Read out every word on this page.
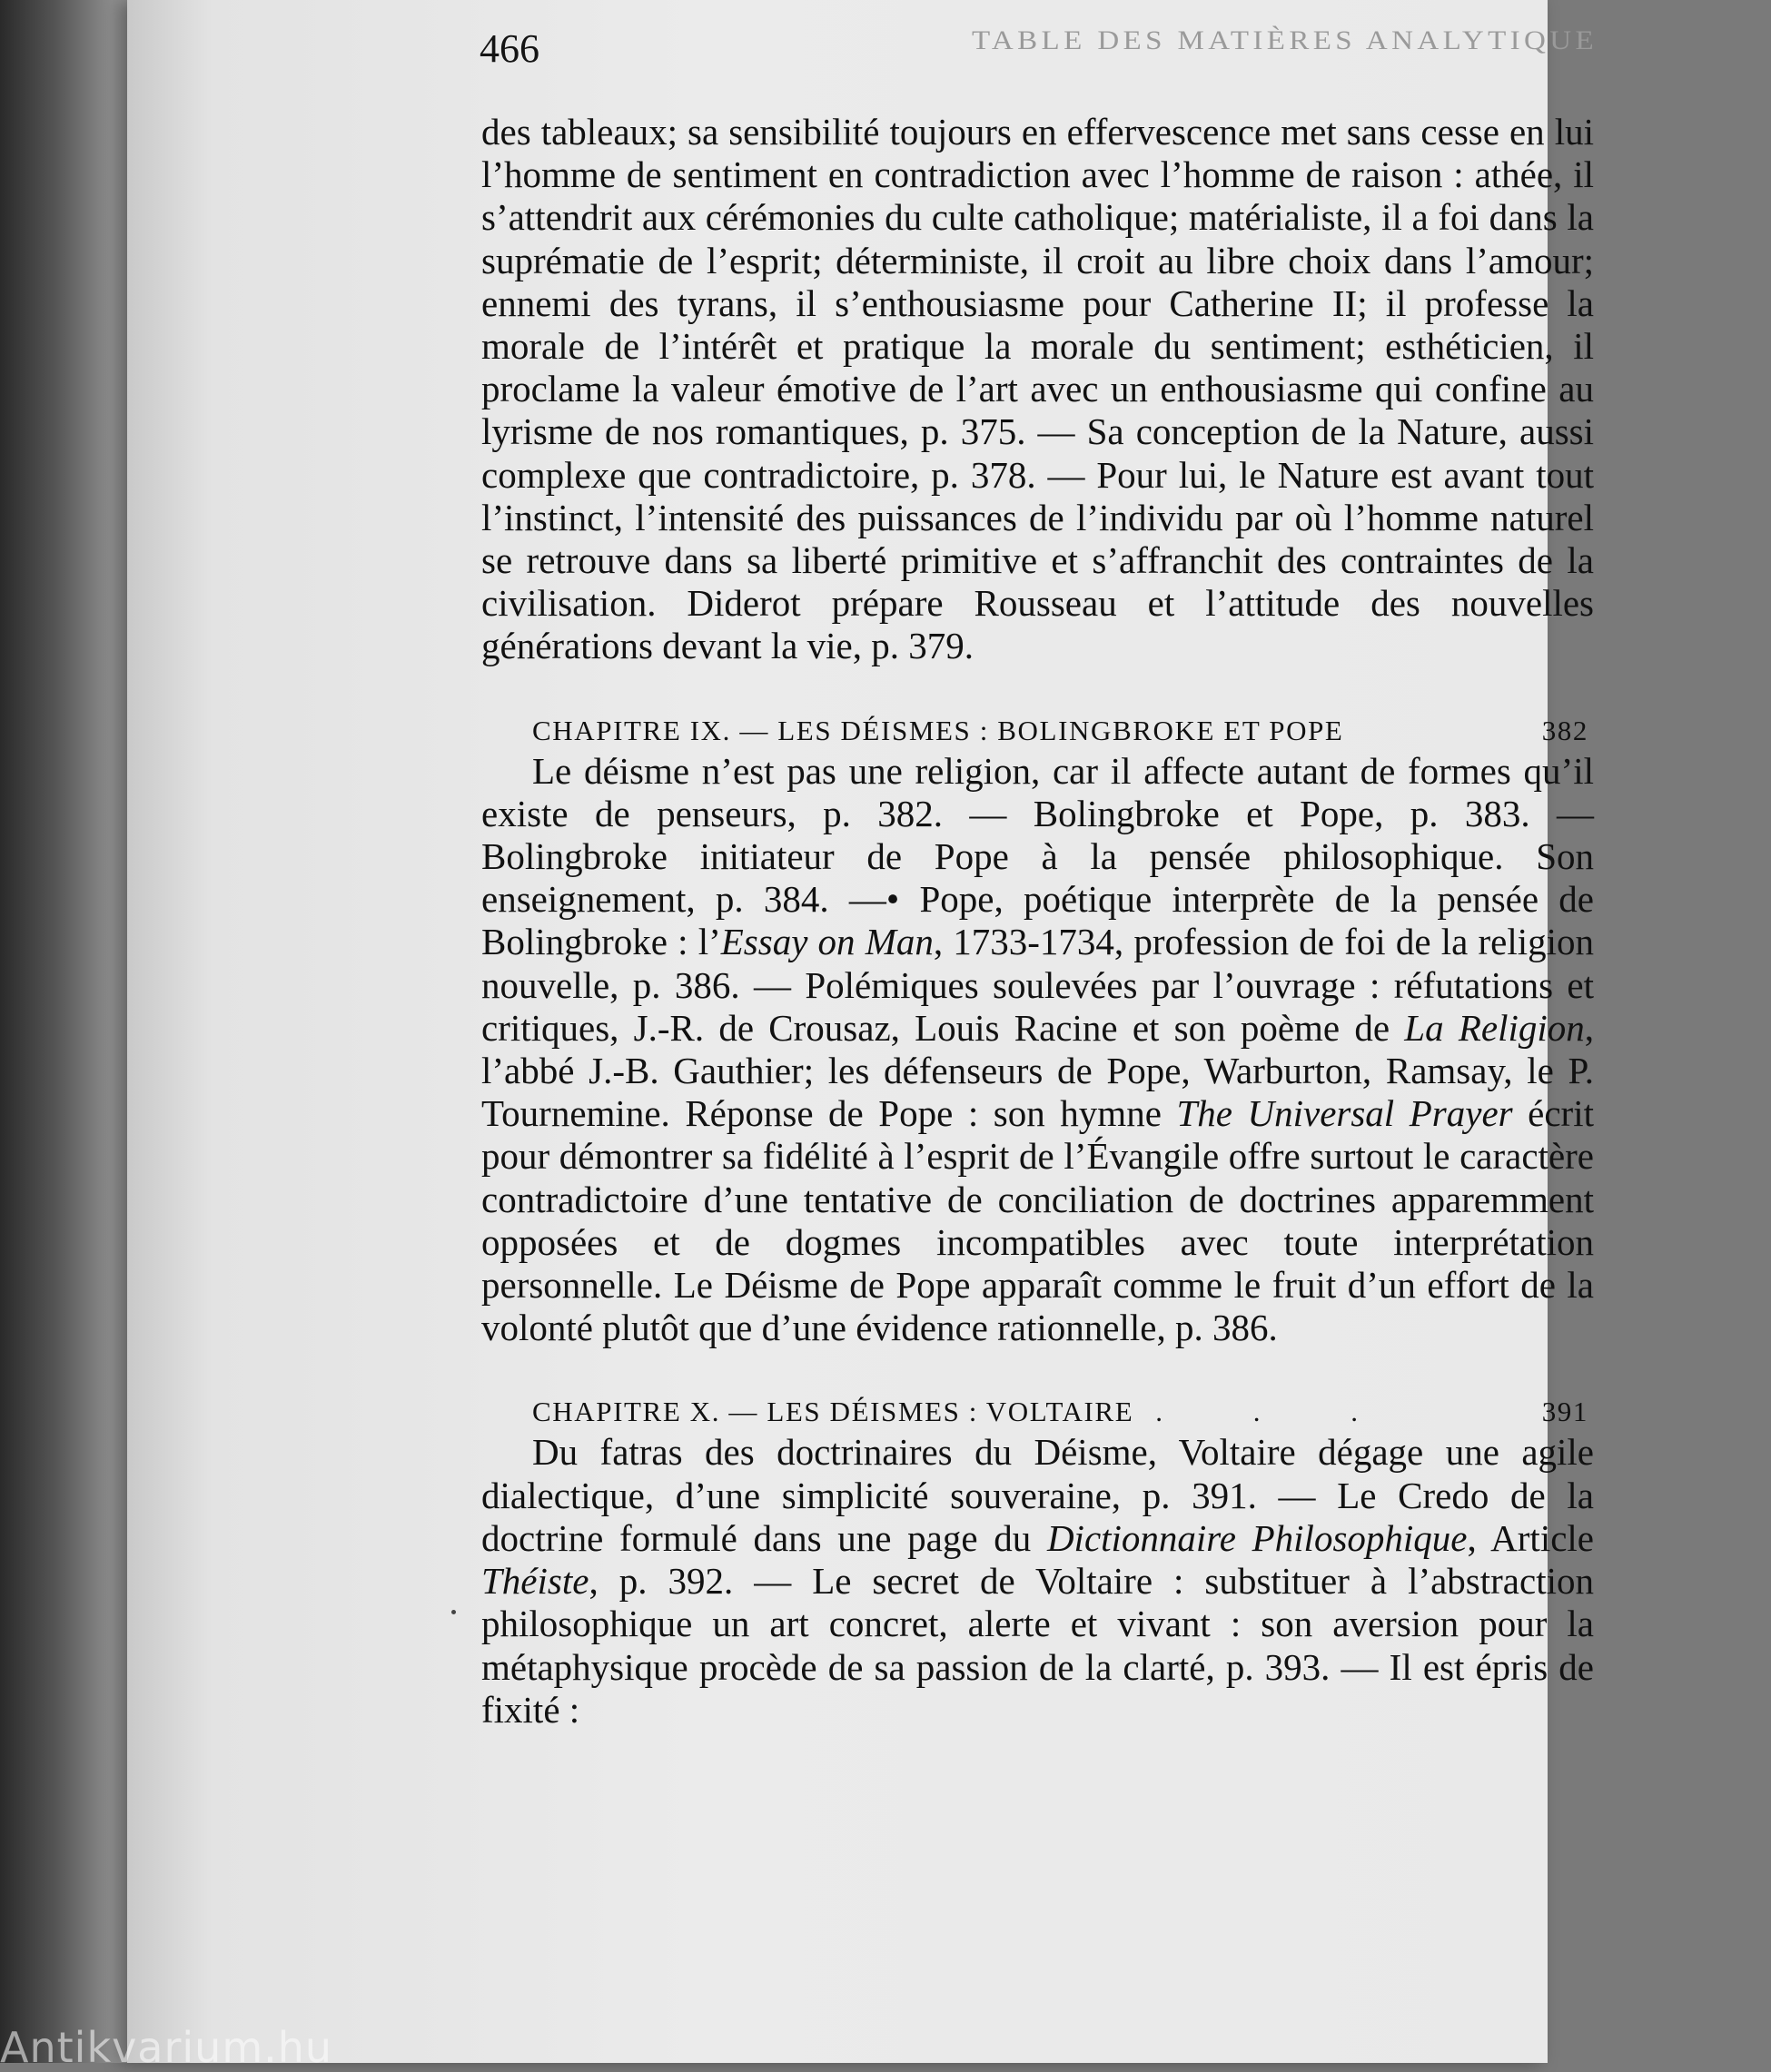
TABLE DES MATIÈRES ANALYTIQUE
466

des tableaux; sa sensibilité toujours en effervescence met sans cesse en lui l’homme de sentiment en contradiction avec l’homme de raison : athée, il s’attendrit aux cérémonies du culte catholique; matérialiste, il a foi dans la suprématie de l’esprit; déterministe, il croit au libre choix dans l’amour; ennemi des tyrans, il s’enthousiasme pour Catherine II; il professe la morale de l’intérêt et pratique la morale du sentiment; esthéticien, il proclame la valeur émotive de l’art avec un enthousiasme qui confine au lyrisme de nos romantiques, p. 375. — Sa conception de la Nature, aussi complexe que contradictoire, p. 378. — Pour lui, le Nature est avant tout l’instinct, l’intensité des puissances de l’individu par où l’homme naturel se retrouve dans sa liberté primitive et s’affranchit des contraintes de la civilisation. Diderot prépare Rousseau et l’attitude des nouvelles générations devant la vie, p. 379.

CHAPITRE IX. — LES DÉISMES : BOLINGBROKE ET POPE	382

Le déisme n’est pas une religion, car il affecte autant de formes qu’il existe de penseurs, p. 382. — Bolingbroke et Pope, p. 383. — Bolingbroke initiateur de Pope à la pensée philosophique. Son enseignement, p. 384. —• Pope, poétique interprète de la pensée de Bolingbroke : l’Essay on Man, 1733-1734, profession de foi de la religion nouvelle, p. 386. — Polémiques soulevées par l’ouvrage : réfutations et critiques, J.-R. de Crousaz, Louis Racine et son poème de La Religion, l’abbé J.-B. Gauthier; les défenseurs de Pope, Warburton, Ramsay, le P. Tournemine. Réponse de Pope : son hymne The Universal Prayer écrit pour démontrer sa fidélité à l’esprit de l’Évangile offre surtout le caractère contradictoire d’une tentative de conciliation de doctrines apparemment opposées et de dogmes incompatibles avec toute interprétation personnelle. Le Déisme de Pope apparaît comme le fruit d’un effort de la volonté plutôt que d’une évidence rationnelle, p. 386.

CHAPITRE X. — LES DÉISMES : VOLTAIRE . . .	391

Du fatras des doctrinaires du Déisme, Voltaire dégage une agile dialectique, d’une simplicité souveraine, p. 391. — Le Credo de la doctrine formulé dans une page du Dictionnaire Philosophique, Article Théiste, p. 392. — Le secret de Voltaire : substituer à l’abstraction philosophique un art concret, alerte et vivant : son aversion pour la métaphysique procède de sa passion de la clarté, p. 393. — Il est épris de fixité :

Antikvarium.hu
